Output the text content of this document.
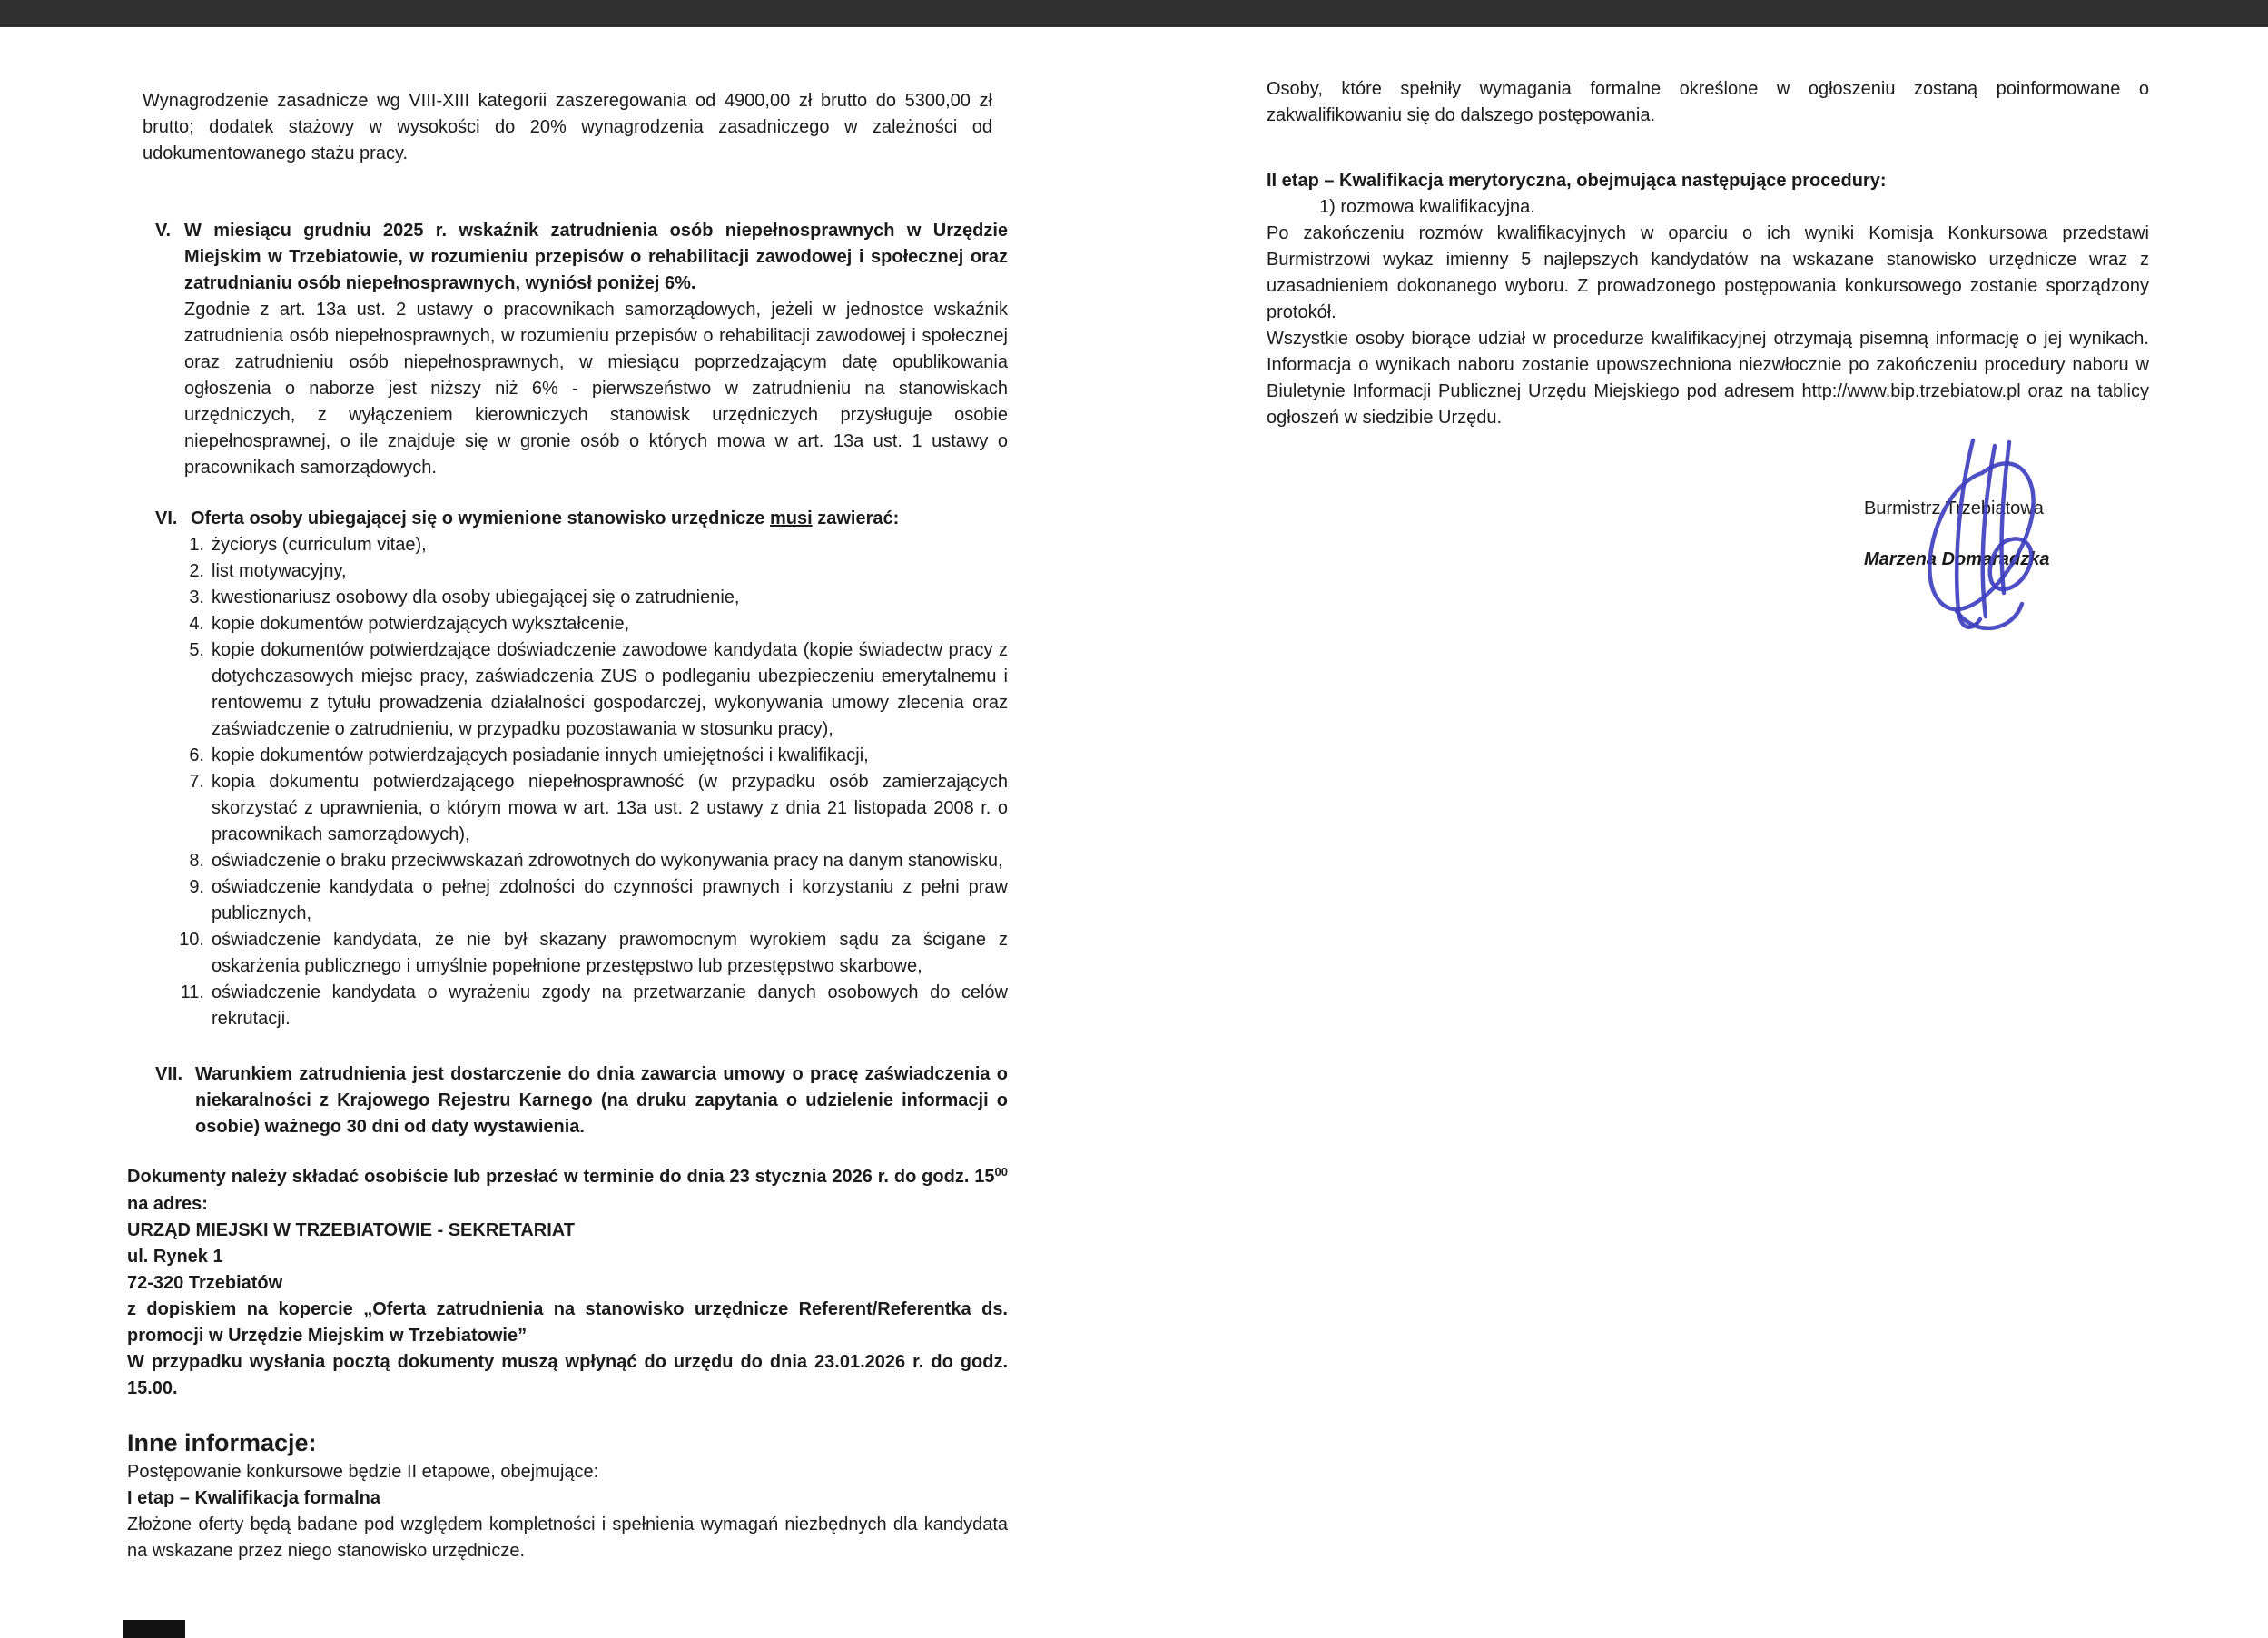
Wynagrodzenie zasadnicze wg VIII-XIII kategorii zaszeregowania od 4900,00 zł brutto do 5300,00 zł brutto; dodatek stażowy w wysokości do 20% wynagrodzenia zasadniczego w zależności od udokumentowanego stażu pracy.

V. W miesiącu grudniu 2025 r. wskaźnik zatrudnienia osób niepełnosprawnych w Urzędzie Miejskim w Trzebiatowie, w rozumieniu przepisów o rehabilitacji zawodowej i społecznej oraz zatrudnianiu osób niepełnosprawnych, wyniósł poniżej 6%.
Zgodnie z art. 13a ust. 2 ustawy o pracownikach samorządowych, jeżeli w jednostce wskaźnik zatrudnienia osób niepełnosprawnych, w rozumieniu przepisów o rehabilitacji zawodowej i społecznej oraz zatrudnieniu osób niepełnosprawnych, w miesiącu poprzedzającym datę opublikowania ogłoszenia o naborze jest niższy niż 6% - pierwszeństwo w zatrudnieniu na stanowiskach urzędniczych, z wyłączeniem kierowniczych stanowisk urzędniczych przysługuje osobie niepełnosprawnej, o ile znajduje się w gronie osób o których mowa w art. 13a ust. 1 ustawy o pracownikach samorządowych.
VI. Oferta osoby ubiegającej się o wymienione stanowisko urzędnicze musi zawierać:
1. życiorys (curriculum vitae),
2. list motywacyjny,
3. kwestionariusz osobowy dla osoby ubiegającej się o zatrudnienie,
4. kopie dokumentów potwierdzających wykształcenie,
5. kopie dokumentów potwierdzające doświadczenie zawodowe kandydata (kopie świadectw pracy z dotychczasowych miejsc pracy, zaświadczenia ZUS o podleganiu ubezpieczeniu emerytalnemu i rentowemu z tytułu prowadzenia działalności gospodarczej, wykonywania umowy zlecenia oraz zaświadczenie o zatrudnieniu, w przypadku pozostawania w stosunku pracy),
6. kopie dokumentów potwierdzających posiadanie innych umiejętności i kwalifikacji,
7. kopia dokumentu potwierdzającego niepełnosprawność (w przypadku osób zamierzających skorzystać z uprawnienia, o którym mowa w art. 13a ust. 2 ustawy z dnia 21 listopada 2008 r. o pracownikach samorządowych),
8. oświadczenie o braku przeciwwskazań zdrowotnych do wykonywania pracy na danym stanowisku,
9. oświadczenie kandydata o pełnej zdolności do czynności prawnych i korzystaniu z pełni praw publicznych,
10. oświadczenie kandydata, że nie był skazany prawomocnym wyrokiem sądu za ścigane z oskarżenia publicznego i umyślnie popełnione przestępstwo lub przestępstwo skarbowe,
11. oświadczenie kandydata o wyrażeniu zgody na przetwarzanie danych osobowych do celów rekrutacji.
VII. Warunkiem zatrudnienia jest dostarczenie do dnia zawarcia umowy o pracę zaświadczenia o niekaralności z Krajowego Rejestru Karnego (na druku zapytania o udzielenie informacji o osobie) ważnego 30 dni od daty wystawienia.
Dokumenty należy składać osobiście lub przesłać w terminie do dnia 23 stycznia 2026 r. do godz. $15^{00}$ na adres:
URZĄD MIEJSKI W TRZEBIATOWIE - SEKRETARIAT
ul. Rynek 1
72-320 Trzebiatów
z dopiskiem na kopercie „Oferta zatrudnienia na stanowisko urzędnicze Referent/Referentka ds. promocji w Urzędzie Miejskim w Trzebiatowie”
W przypadku wysłania pocztą dokumenty muszą wpłynąć do urzędu do dnia 23.01.2026 r. do godz. 15.00.
Inne informacje:
Postępowanie konkursowe będzie II etapowe, obejmujące:
I etap – Kwalifikacja formalna
Złożone oferty będą badane pod względem kompletności i spełnienia wymagań niezbędnych dla kandydata na wskazane przez niego stanowisko urzędnicze.
Osoby, które spełniły wymagania formalne określone w ogłoszeniu zostaną poinformowane o zakwalifikowaniu się do dalszego postępowania.
II etap – Kwalifikacja merytoryczna, obejmująca następujące procedury:
1) rozmowa kwalifikacyjna.
Po zakończeniu rozmów kwalifikacyjnych w oparciu o ich wyniki Komisja Konkursowa przedstawi Burmistrzowi wykaz imienny 5 najlepszych kandydatów na wskazane stanowisko urzędnicze wraz z uzasadnieniem dokonanego wyboru. Z prowadzonego postępowania konkursowego zostanie sporządzony protokół.
Wszystkie osoby biorące udział w procedurze kwalifikacyjnej otrzymają pisemną informację o jej wynikach. Informacja o wynikach naboru zostanie upowszechniona niezwłocznie po zakończeniu procedury naboru w Biuletynie Informacji Publicznej Urzędu Miejskiego pod adresem http://www.bip.trzebiatow.pl oraz na tablicy ogłoszeń w siedzibie Urzędu.
Burmistrz Trzebiatowa
Marzena Domaradzka
